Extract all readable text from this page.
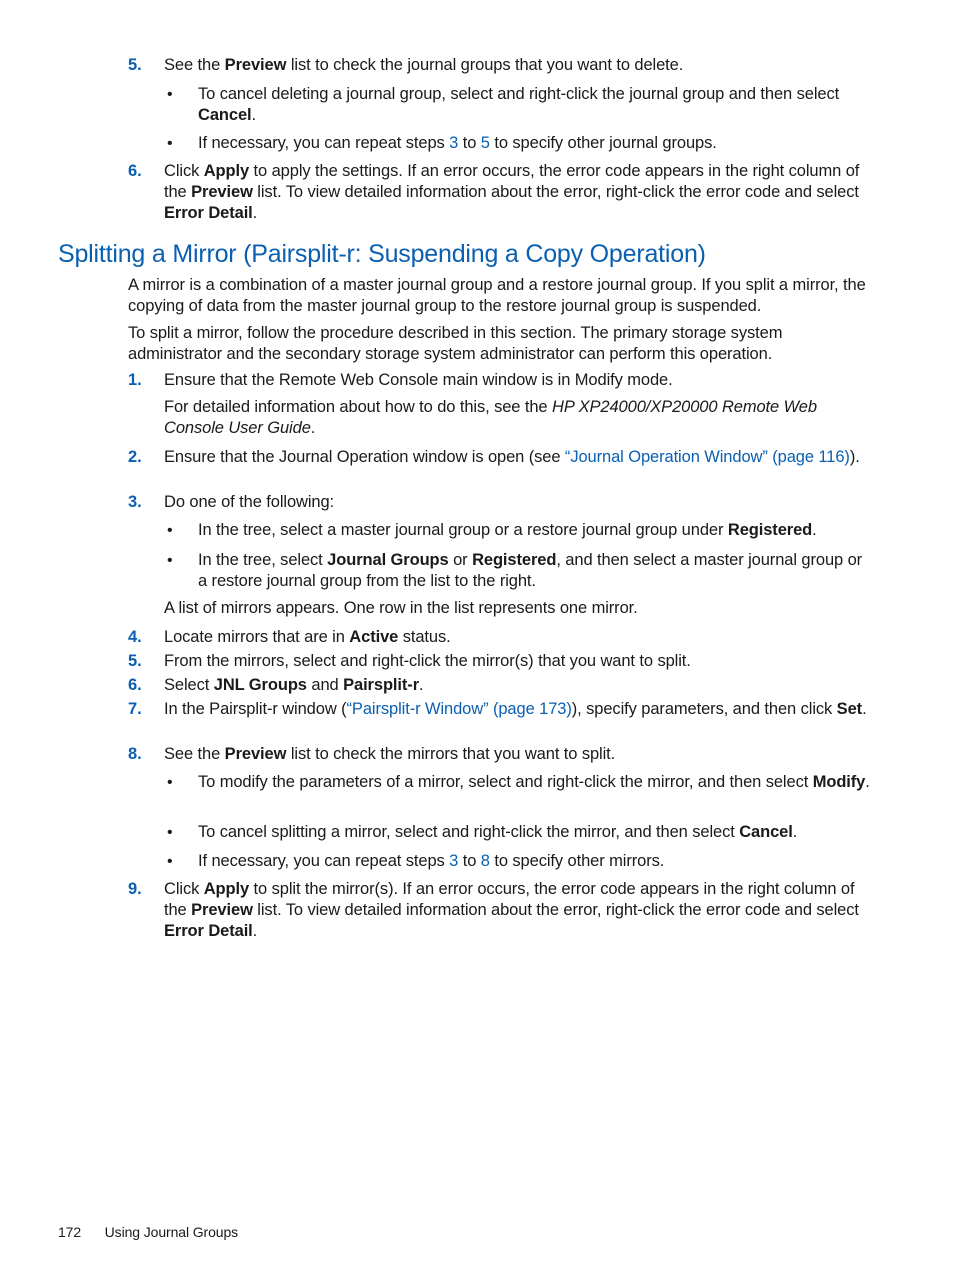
5. See the Preview list to check the journal groups that you want to delete.
• To cancel deleting a journal group, select and right-click the journal group and then select Cancel.
• If necessary, you can repeat steps 3 to 5 to specify other journal groups.
6. Click Apply to apply the settings. If an error occurs, the error code appears in the right column of the Preview list. To view detailed information about the error, right-click the error code and select Error Detail.
Splitting a Mirror (Pairsplit-r: Suspending a Copy Operation)
A mirror is a combination of a master journal group and a restore journal group. If you split a mirror, the copying of data from the master journal group to the restore journal group is suspended.
To split a mirror, follow the procedure described in this section. The primary storage system administrator and the secondary storage system administrator can perform this operation.
1. Ensure that the Remote Web Console main window is in Modify mode.
For detailed information about how to do this, see the HP XP24000/XP20000 Remote Web Console User Guide.
2. Ensure that the Journal Operation window is open (see “Journal Operation Window” (page 116)).
3. Do one of the following:
• In the tree, select a master journal group or a restore journal group under Registered.
• In the tree, select Journal Groups or Registered, and then select a master journal group or a restore journal group from the list to the right.
A list of mirrors appears. One row in the list represents one mirror.
4. Locate mirrors that are in Active status.
5. From the mirrors, select and right-click the mirror(s) that you want to split.
6. Select JNL Groups and Pairsplit-r.
7. In the Pairsplit-r window (“Pairsplit-r Window” (page 173)), specify parameters, and then click Set.
8. See the Preview list to check the mirrors that you want to split.
• To modify the parameters of a mirror, select and right-click the mirror, and then select Modify.
• To cancel splitting a mirror, select and right-click the mirror, and then select Cancel.
• If necessary, you can repeat steps 3 to 8 to specify other mirrors.
9. Click Apply to split the mirror(s). If an error occurs, the error code appears in the right column of the Preview list. To view detailed information about the error, right-click the error code and select Error Detail.
172 Using Journal Groups
